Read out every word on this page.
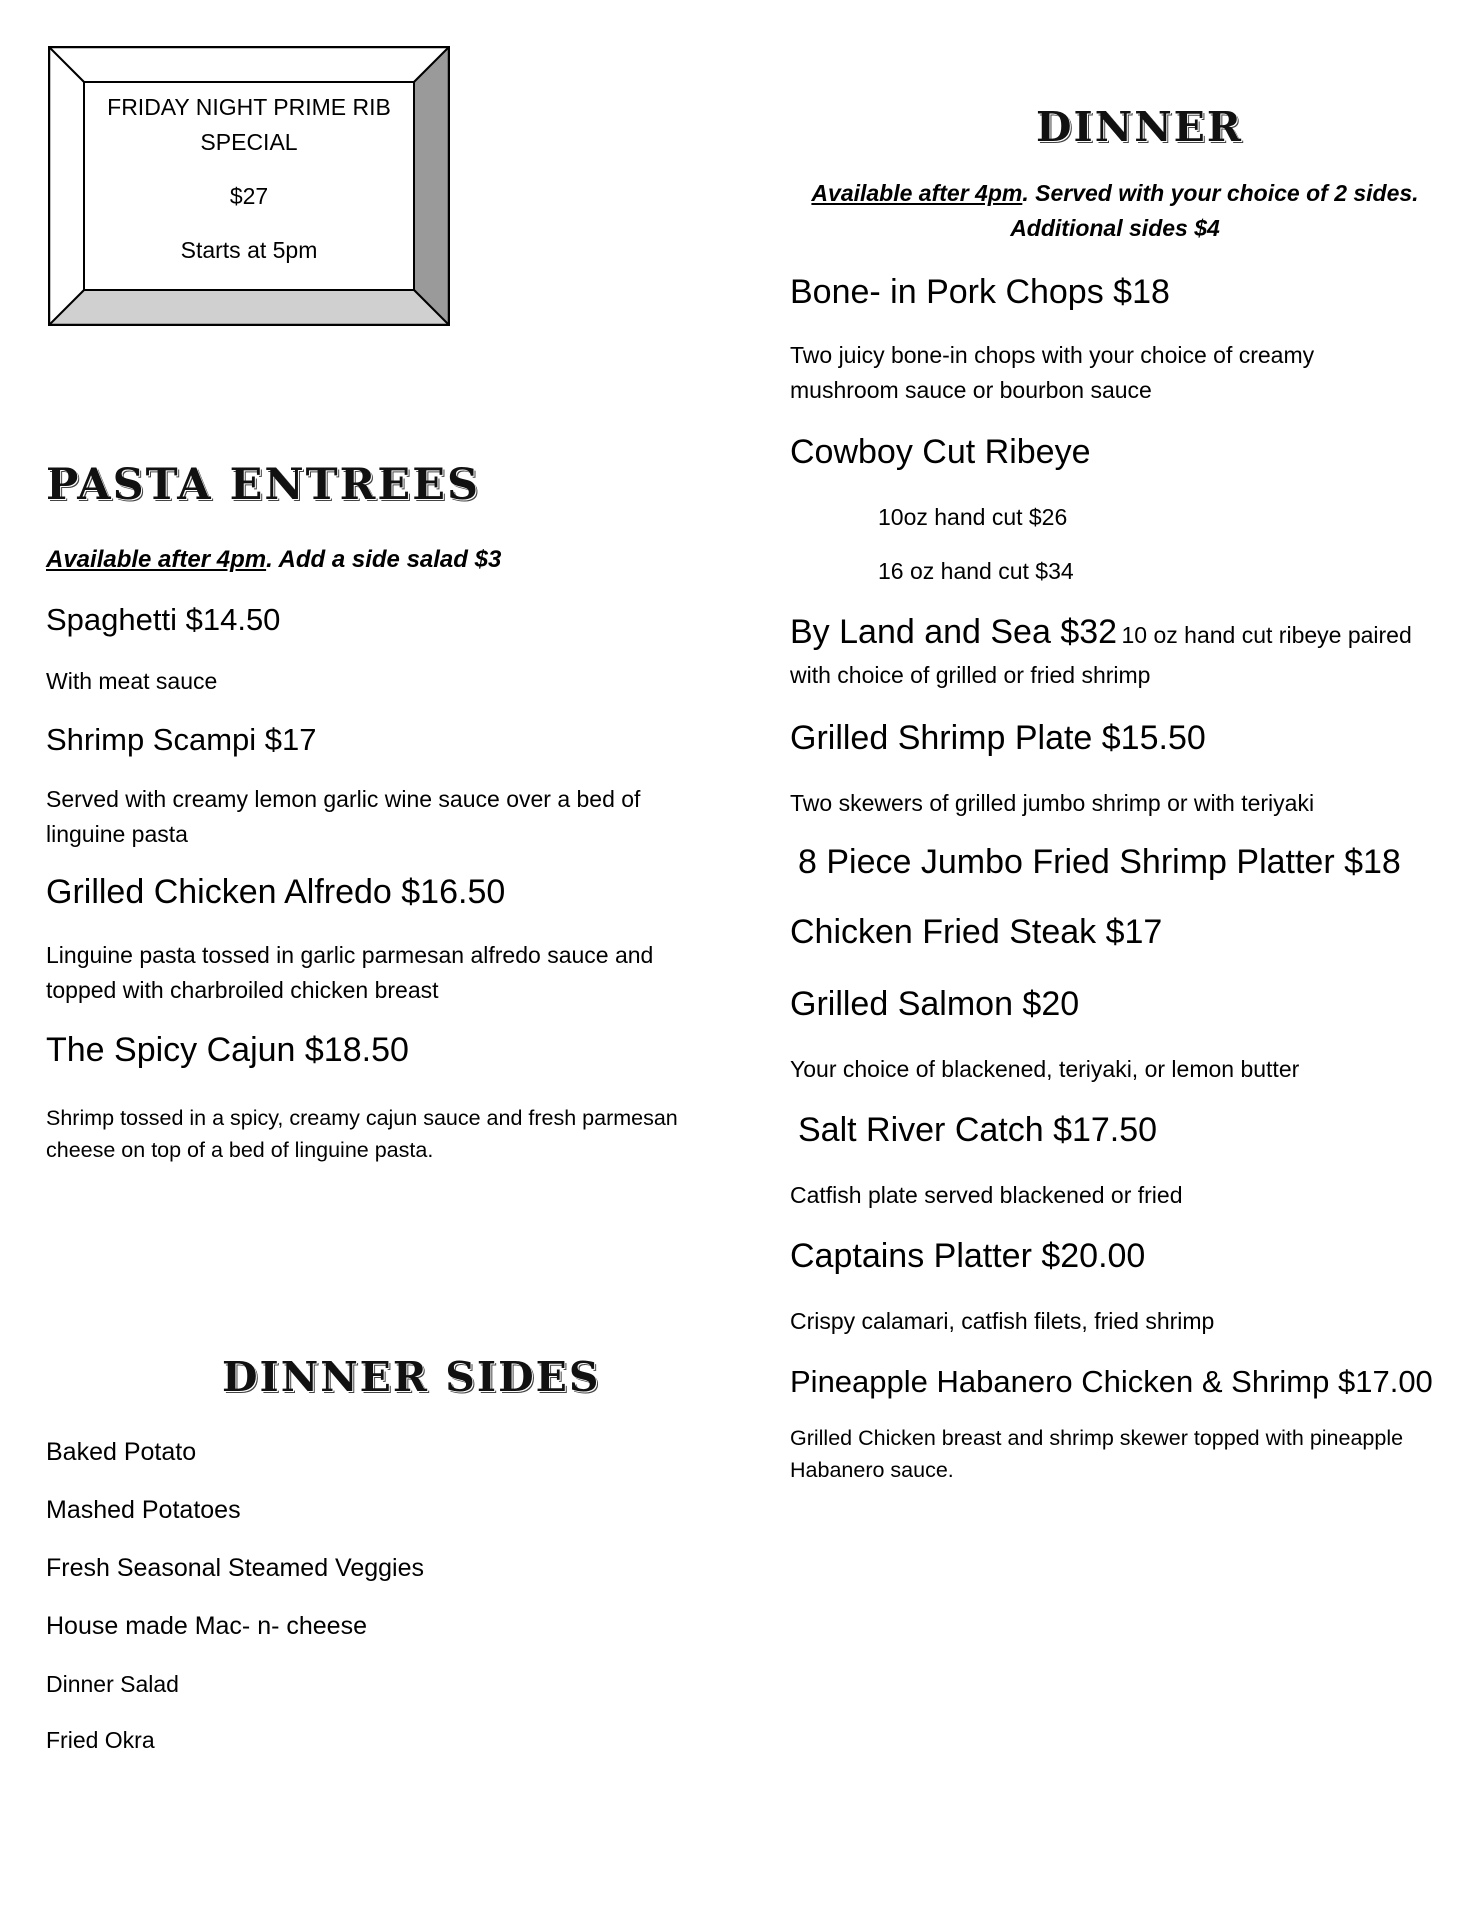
FRIDAY NIGHT PRIME RIB
SPECIAL
$27
Starts at 5pm
PASTA ENTREES
Available after 4pm. Add a side salad $3
Spaghetti $14.50
With meat sauce
Shrimp Scampi $17
Served with creamy lemon garlic wine sauce over a bed of
linguine pasta
Grilled Chicken Alfredo $16.50
Linguine pasta tossed in garlic parmesan alfredo sauce and
topped with charbroiled chicken breast
The Spicy Cajun $18.50
Shrimp tossed in a spicy, creamy cajun sauce and fresh parmesan
cheese on top of a bed of linguine pasta.
DINNER SIDES
Baked Potato
Mashed Potatoes
Fresh Seasonal Steamed Veggies
House made Mac- n- cheese
Dinner Salad
Fried Okra
DINNER
Available after 4pm. Served with your choice of 2 sides.
Additional sides $4
Bone- in Pork Chops $18
Two juicy bone-in chops with your choice of creamy
mushroom sauce or bourbon sauce
Cowboy Cut Ribeye
10oz hand cut $26
16 oz hand cut $34
By Land and Sea $32 10 oz hand cut ribeye paired
with choice of grilled or fried shrimp
Grilled Shrimp Plate $15.50
Two skewers of grilled jumbo shrimp or with teriyaki
8 Piece Jumbo Fried Shrimp Platter $18
Chicken Fried Steak $17
Grilled Salmon $20
Your choice of blackened, teriyaki, or lemon butter
Salt River Catch $17.50
Catfish plate served blackened or fried
Captains Platter $20.00
Crispy calamari, catfish filets, fried shrimp
Pineapple Habanero Chicken & Shrimp $17.00
Grilled Chicken breast and shrimp skewer topped with pineapple
Habanero sauce.
